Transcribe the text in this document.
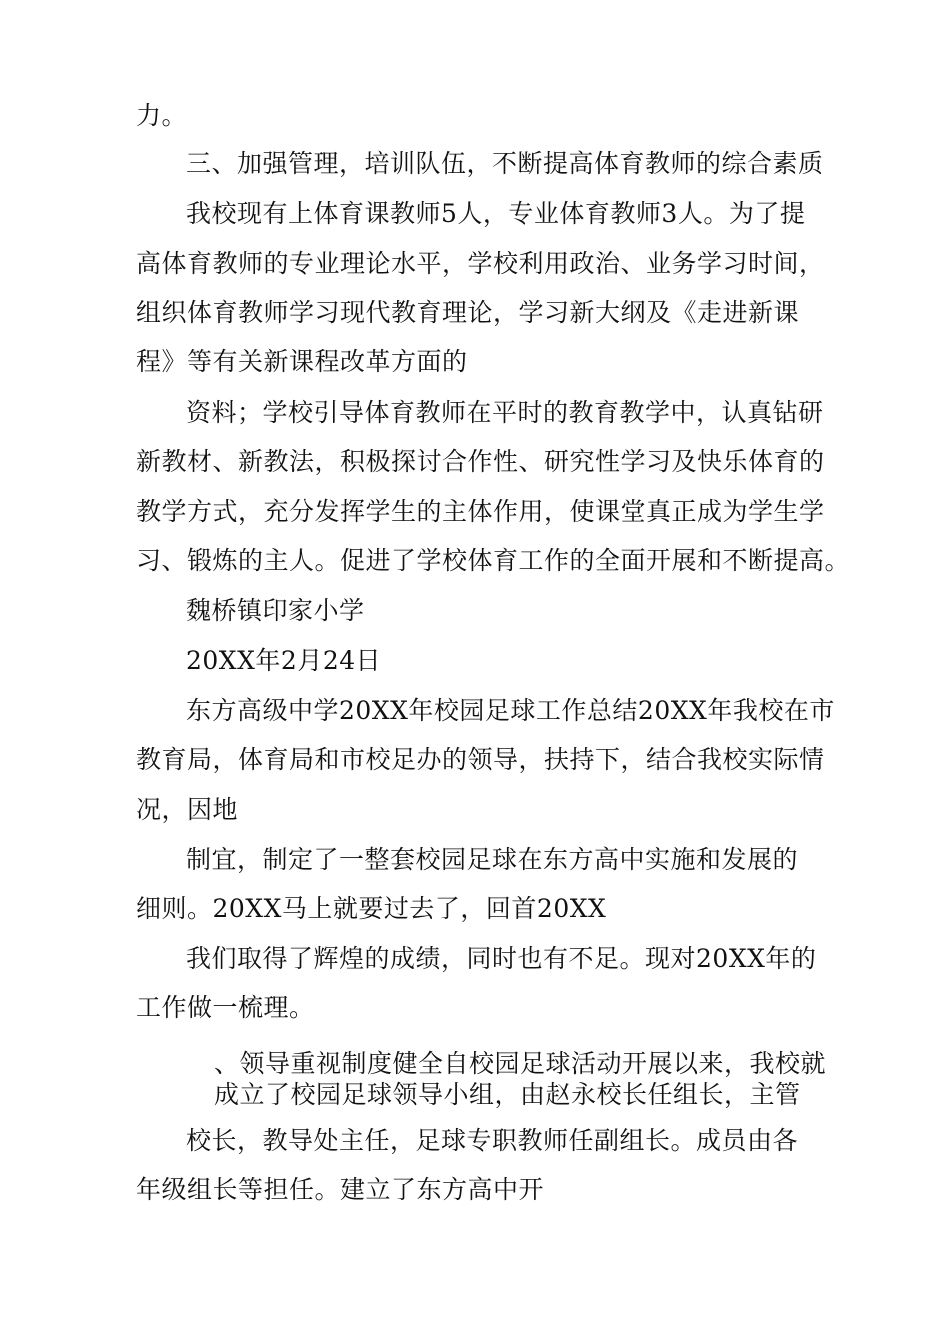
力。
三、加强管理，培训队伍，不断提高体育教师的综合素质
我校现有上体育课教师5人，专业体育教师3人。为了提
高体育教师的专业理论水平，学校利用政治、业务学习时间，
组织体育教师学习现代教育理论，学习新大纲及《走进新课
程》等有关新课程改革方面的
资料；学校引导体育教师在平时的教育教学中，认真钻研
新教材、新教法，积极探讨合作性、研究性学习及快乐体育的
教学方式，充分发挥学生的主体作用，使课堂真正成为学生学
习、锻炼的主人。促进了学校体育工作的全面开展和不断提高。
魏桥镇印家小学
20XX年2月24日
东方高级中学20XX年校园足球工作总结20XX年我校在市
教育局，体育局和市校足办的领导，扶持下，结合我校实际情
况，因地
制宜，制定了一整套校园足球在东方高中实施和发展的
细则。20XX马上就要过去了，回首20XX
我们取得了辉煌的成绩，同时也有不足。现对20XX年的
工作做一梳理。
、领导重视制度健全自校园足球活动开展以来，我校就
成立了校园足球领导小组，由赵永校长任组长，主管
校长，教导处主任，足球专职教师任副组长。成员由各
年级组长等担任。建立了东方高中开
